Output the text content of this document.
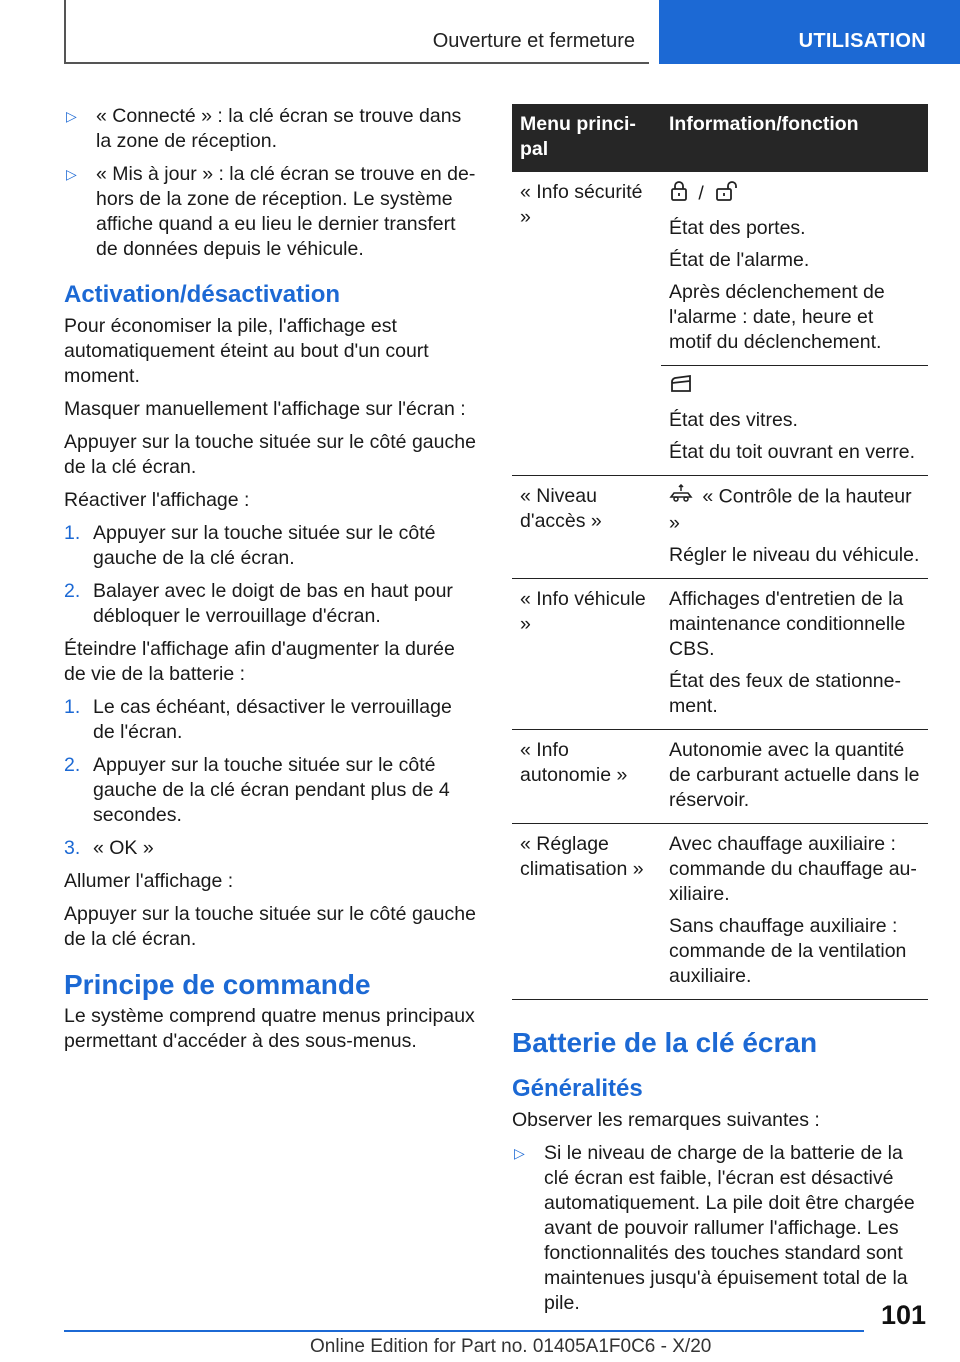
Ouverture et fermeture	UTILISATION
▷ « Connecté » : la clé écran se trouve dans la zone de réception.
▷ « Mis à jour » : la clé écran se trouve en dehors de la zone de réception. Le système affiche quand a eu lieu le dernier transfert de données depuis le véhicule.
Activation/désactivation

Pour économiser la pile, l'affichage est automatiquement éteint au bout d'un court moment.

Masquer manuellement l'affichage sur l'écran :

Appuyer sur la touche située sur le côté gauche de la clé écran.

Réactiver l'affichage :

1. Appuyer sur la touche située sur le côté gauche de la clé écran.
2. Balayer avec le doigt de bas en haut pour débloquer le verrouillage d'écran.

Éteindre l'affichage afin d'augmenter la durée de vie de la batterie :

1. Le cas échéant, désactiver le verrouillage de l'écran.
2. Appuyer sur la touche située sur le côté gauche de la clé écran pendant plus de 4 secondes.
3. « OK »

Allumer l'affichage :

Appuyer sur la touche située sur le côté gauche de la clé écran.

Principe de commande

Le système comprend quatre menus principaux permettant d'accéder à des sous-menus.

Menu principal	Information/fonction
« Info sécurité »	/

État des portes.

État de l'alarme.

Après déclenchement de l'alarme : date, heure et motif du déclenchement.

	État des vitres.

État du toit ouvrant en verre.

« Niveau d'accès »	« Contrôle de la hauteur »

Régler le niveau du véhicule.

« Info véhicule »	Affichages d'entretien de la maintenance conditionnelle CBS.

État des feux de stationnement.

« Info autonomie »	Autonomie avec la quantité de carburant actuelle dans le réservoir.

« Réglage climatisation »	Avec chauffage auxiliaire : commande du chauffage auxiliaire.

Sans chauffage auxiliaire : commande de la ventilation auxiliaire.

Batterie de la clé écran
Généralités

Observer les remarques suivantes :

▷ Si le niveau de charge de la batterie de la clé écran est faible, l'écran est désactivé automatiquement. La pile doit être chargée avant de pouvoir rallumer l'affichage. Les fonctionnalités des touches standard sont maintenues jusqu'à épuisement total de la pile.	101
Online Edition for Part no. 01405A1F0C6 - X/20
